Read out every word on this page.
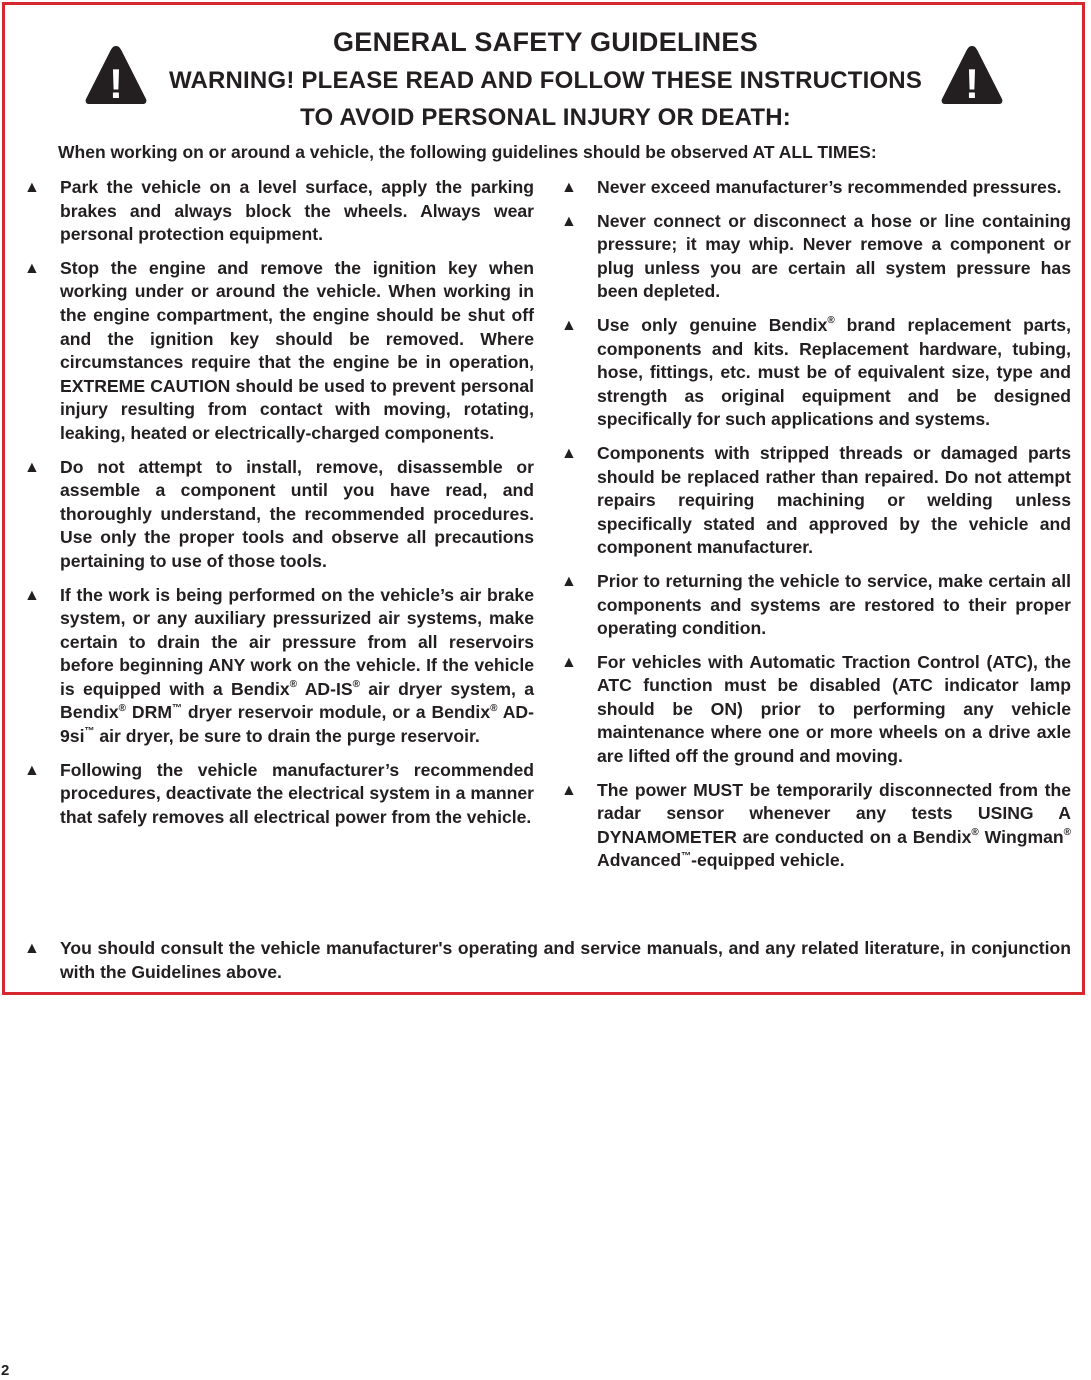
!	!
GENERAL SAFETY GUIDELINES
WARNING! PLEASE READ AND FOLLOW THESE INSTRUCTIONS
TO AVOID PERSONAL INJURY OR DEATH:
When working on or around a vehicle, the following guidelines should be observed AT ALL TIMES:
▲ Park the vehicle on a level surface, apply the parking brakes and always block the wheels. Always wear personal protection equipment.
▲ Stop the engine and remove the ignition key when working under or around the vehicle. When working in the engine compartment, the engine should be shut off and the ignition key should be removed. Where circumstances require that the engine be in operation, EXTREME CAUTION should be used to prevent personal injury resulting from contact with moving, rotating, leaking, heated or electrically-charged components.
▲ Do not attempt to install, remove, disassemble or assemble a component until you have read, and thoroughly understand, the recommended procedures. Use only the proper tools and observe all precautions pertaining to use of those tools.
▲ If the work is being performed on the vehicle’s air brake system, or any auxiliary pressurized air systems, make certain to drain the air pressure from all reservoirs before beginning ANY work on the vehicle. If the vehicle is equipped with a Bendix® AD-IS® air dryer system, a Bendix® DRM™ dryer reservoir module, or a Bendix® AD-9si™ air dryer, be sure to drain the purge reservoir.
▲ Following the vehicle manufacturer’s recommended procedures, deactivate the electrical system in a manner that safely removes all electrical power from the vehicle.
▲ Never exceed manufacturer’s recommended pressures.
▲ Never connect or disconnect a hose or line containing pressure; it may whip. Never remove a component or plug unless you are certain all system pressure has been depleted.
▲ Use only genuine Bendix® brand replacement parts, components and kits. Replacement hardware, tubing, hose, fittings, etc. must be of equivalent size, type and strength as original equipment and be designed specifically for such applications and systems.
▲ Components with stripped threads or damaged parts should be replaced rather than repaired. Do not attempt repairs requiring machining or welding unless specifically stated and approved by the vehicle and component manufacturer.
▲ Prior to returning the vehicle to service, make certain all components and systems are restored to their proper operating condition.
▲ For vehicles with Automatic Traction Control (ATC), the ATC function must be disabled (ATC indicator lamp should be ON) prior to performing any vehicle maintenance where one or more wheels on a drive axle are lifted off the ground and moving.
▲ The power MUST be temporarily disconnected from the radar sensor whenever any tests USING A DYNAMOMETER are conducted on a Bendix® Wingman® Advanced™-equipped vehicle.
▲ You should consult the vehicle manufacturer's operating and service manuals, and any related literature, in conjunction with the Guidelines above.
2
